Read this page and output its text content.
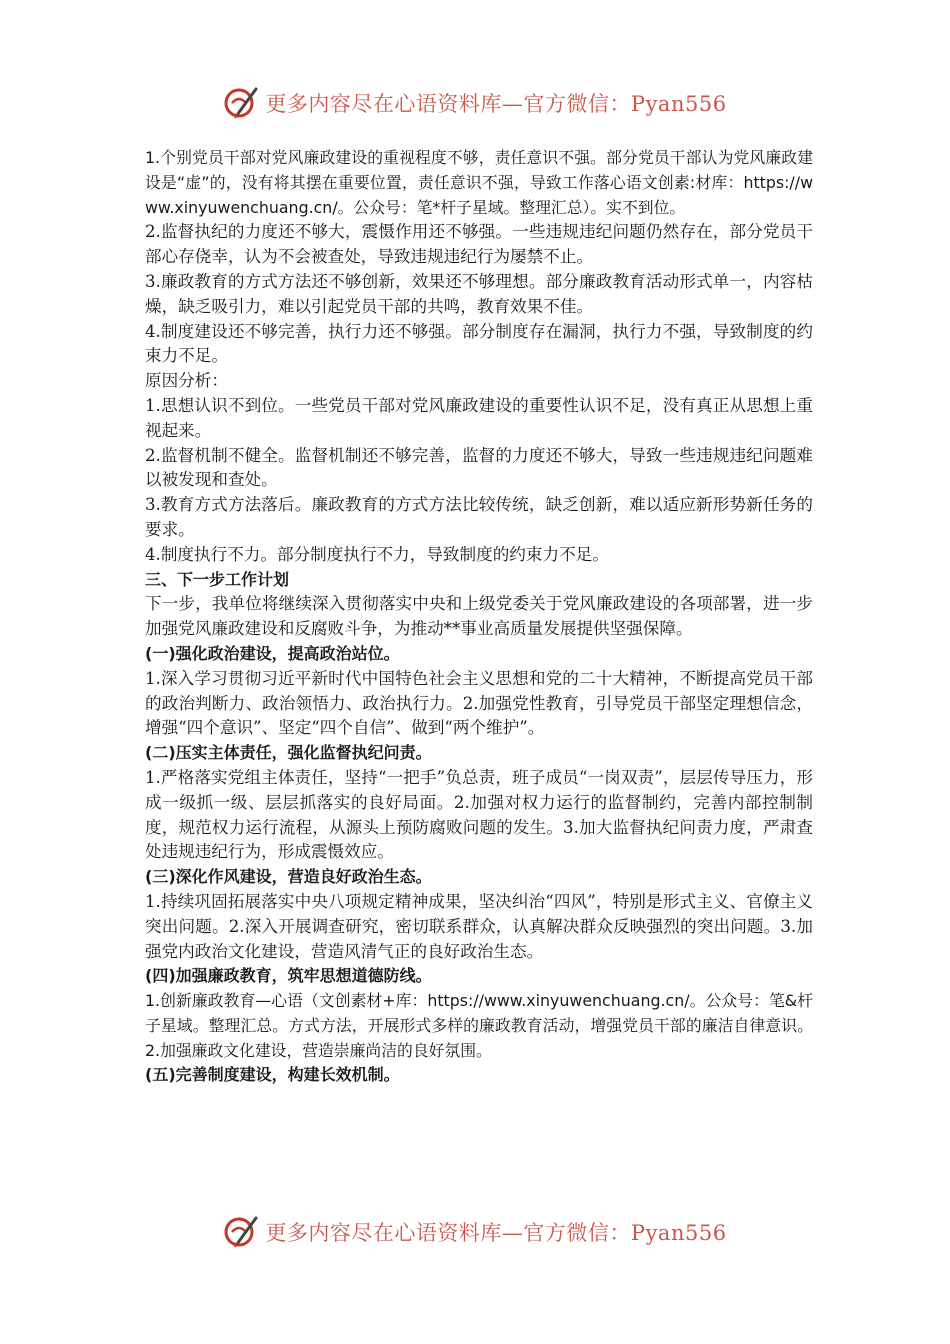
更多内容尽在心语资料库—官方微信：Pyan556

1.个别党员干部对党风廉政建设的重视程度不够，责任意识不强。部分党员干部认为党风廉政建设是“虚”的，没有将其摆在重要位置，责任意识不强，导致工作落心语文创素:材库：https://www.xinyuwenchuang.cn/。公众号：笔*杆子星域。整理汇总）。实不到位。

2.监督执纪的力度还不够大，震慑作用还不够强。一些违规违纪问题仍然存在，部分党员干部心存侥幸，认为不会被查处，导致违规违纪行为屡禁不止。

3.廉政教育的方式方法还不够创新，效果还不够理想。部分廉政教育活动形式单一，内容枯燥，缺乏吸引力，难以引起党员干部的共鸣，教育效果不佳。

4.制度建设还不够完善，执行力还不够强。部分制度存在漏洞，执行力不强，导致制度的约束力不足。

原因分析：

1.思想认识不到位。一些党员干部对党风廉政建设的重要性认识不足，没有真正从思想上重视起来。

2.监督机制不健全。监督机制还不够完善，监督的力度还不够大，导致一些违规违纪问题难以被发现和查处。

3.教育方式方法落后。廉政教育的方式方法比较传统，缺乏创新，难以适应新形势新任务的要求。

4.制度执行不力。部分制度执行不力，导致制度的约束力不足。

三、下一步工作计划

下一步，我单位将继续深入贯彻落实中央和上级党委关于党风廉政建设的各项部署，进一步加强党风廉政建设和反腐败斗争，为推动**事业高质量发展提供坚强保障。

(一)强化政治建设，提高政治站位。

1.深入学习贯彻习近平新时代中国特色社会主义思想和党的二十大精神，不断提高党员干部的政治判断力、政治领悟力、政治执行力。2.加强党性教育，引导党员干部坚定理想信念，增强“四个意识”、坚定“四个自信”、做到“两个维护”。

(二)压实主体责任，强化监督执纪问责。

1.严格落实党组主体责任，坚持“一把手”负总责，班子成员“一岗双责”，层层传导压力，形成一级抓一级、层层抓落实的良好局面。2.加强对权力运行的监督制约，完善内部控制制度，规范权力运行流程，从源头上预防腐败问题的发生。3.加大监督执纪问责力度，严肃查处违规违纪行为，形成震慑效应。

(三)深化作风建设，营造良好政治生态。

1.持续巩固拓展落实中央八项规定精神成果，坚决纠治“四风”，特别是形式主义、官僚主义突出问题。2.深入开展调查研究，密切联系群众，认真解决群众反映强烈的突出问题。3.加强党内政治文化建设，营造风清气正的良好政治生态。

(四)加强廉政教育，筑牢思想道德防线。

1.创新廉政教育—心语（文创素材+库：https://www.xinyuwenchuang.cn/。公众号：笔&杆子星域。整理汇总。方式方法，开展形式多样的廉政教育活动，增强党员干部的廉洁自律意识。2.加强廉政文化建设，营造崇廉尚洁的良好氛围。

(五)完善制度建设，构建长效机制。

更多内容尽在心语资料库—官方微信：Pyan556
